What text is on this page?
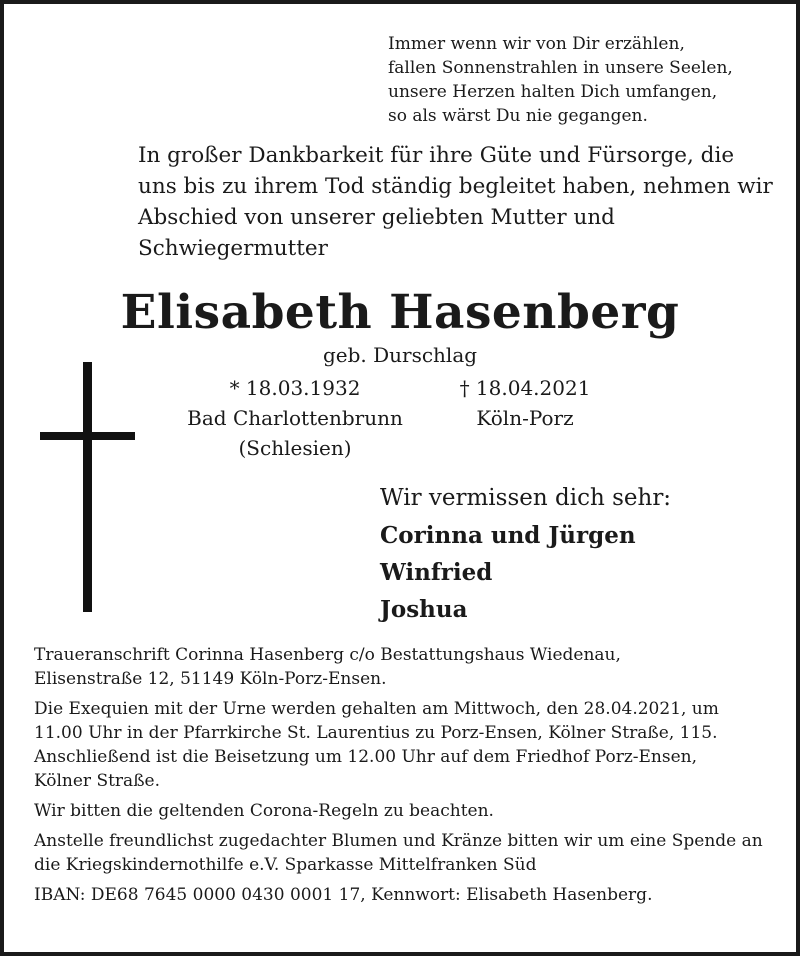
Immer wenn wir von Dir erzählen,
fallen Sonnenstrahlen in unsere Seelen,
unsere Herzen halten Dich umfangen,
so als wärst Du nie gegangen.
In großer Dankbarkeit für ihre Güte und Fürsorge, die
uns bis zu ihrem Tod ständig begleitet haben, nehmen wir
Abschied von unserer geliebten Mutter und
Schwiegermutter
Elisabeth Hasenberg
geb. Durschlag
* 18.03.1932
Bad Charlottenbrunn
(Schlesien)
† 18.04.2021
Köln-Porz
Wir vermissen dich sehr:
Corinna und Jürgen
Winfried
Joshua
Traueranschrift Corinna Hasenberg c/o Bestattungshaus Wiedenau,
Elisenstraße 12, 51149 Köln-Porz-Ensen.
Die Exequien mit der Urne werden gehalten am Mittwoch, den 28.04.2021, um
11.00 Uhr in der Pfarrkirche St. Laurentius zu Porz-Ensen, Kölner Straße, 115.
Anschließend ist die Beisetzung um 12.00 Uhr auf dem Friedhof Porz-Ensen,
Kölner Straße.
Wir bitten die geltenden Corona-Regeln zu beachten.
Anstelle freundlichst zugedachter Blumen und Kränze bitten wir um eine Spende an
die Kriegskindernothilfe e.V. Sparkasse Mittelfranken Süd
IBAN: DE68 7645 0000 0430 0001 17, Kennwort: Elisabeth Hasenberg.
